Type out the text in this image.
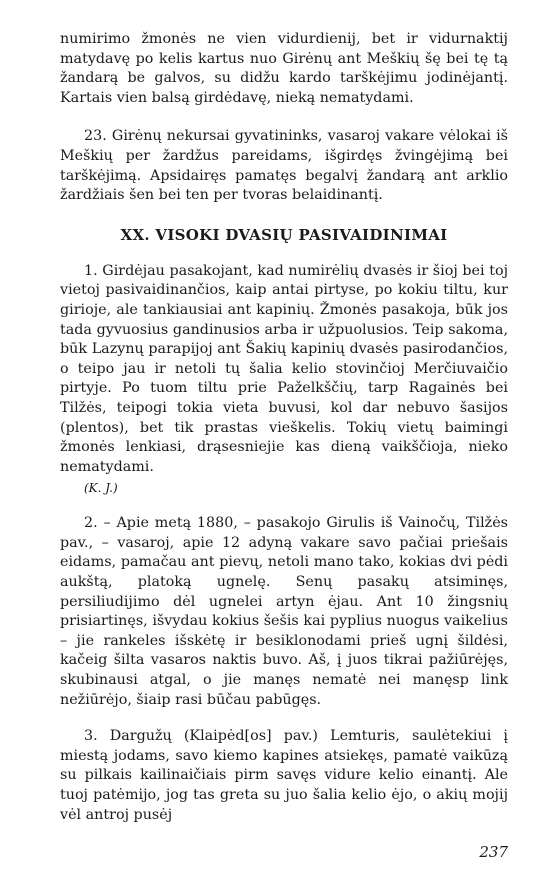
numirimo žmonės ne vien vidurdienij, bet ir vidurnaktij matydavę po kelis kartus nuo Girėnų ant Meškių šę bei tę tą žandarą be galvos, su didžu kardo tarškėjimu jodinėjantį. Kartais vien balsą girdėdavę, nieką nematydami.

23. Girėnų nekursai gyvatininks, vasaroj vakare vėlokai iš Meškių per žardžus pareidams, išgirdęs žvingėjimą bei tarškėjimą. Apsidairęs pamatęs begalvį žandarą ant arklio žardžiais šen bei ten per tvoras belaidinantį.

XX. VISOKI DVASIŲ PASIVAIDINIMAI

1. Girdėjau pasakojant, kad numirėlių dvasės ir šioj bei toj vietoj pasivaidinančios, kaip antai pirtyse, po kokiu tiltu, kur girioje, ale tankiausiai ant kapinių. Žmonės pasakoja, būk jos tada gyvuosius gandinusios arba ir užpuolusios. Teip sakoma, būk Lazynų parapijoj ant Šakių kapinių dvasės pasirodančios, o teipo jau ir netoli tų šalia kelio stovinčioj Merčiuvaičio pirtyje. Po tuom tiltu prie Paželkščių, tarp Ragainės bei Tilžės, teipogi tokia vieta buvusi, kol dar nebuvo šasijos (plentos), bet tik prastas vieškelis. Tokių vietų baimingi žmonės lenkiasi, drąsesniejie kas dieną vaikščioja, nieko nematydami.

(K. J.)

2. – Apie metą 1880, – pasakojo Girulis iš Vainočų, Tilžės pav., – vasaroj, apie 12 adyną vakare savo pačiai priešais eidams, pamačau ant pievų, netoli mano tako, kokias dvi pėdi aukštą, platoką ugnelę. Senų pasakų atsiminęs, persiliudijimo dėl ugnelei artyn ėjau. Ant 10 žingsnių prisiartinęs, išvydau kokius šešis kai pyplius nuogus vaikelius – jie rankeles išskėtę ir besiklonodami prieš ugnį šildėsi, kačeig šilta vasaros naktis buvo. Aš, į juos tikrai pažiūrėjęs, skubinausi atgal, o jie manęs nematė nei manęsp link nežiūrėjo, šiaip rasi būčau pabūgęs.

3. Dargužų (Klaipėd[os] pav.) Lemturis, saulėtekiui į miestą jodams, savo kiemo kapines atsiekęs, pamatė vaikūzą su pilkais kailinaičiais pirm savęs vidure kelio einantį. Ale tuoj patėmijo, jog tas greta su juo šalia kelio ėjo, o akių mojij vėl antroj pusėj

237
